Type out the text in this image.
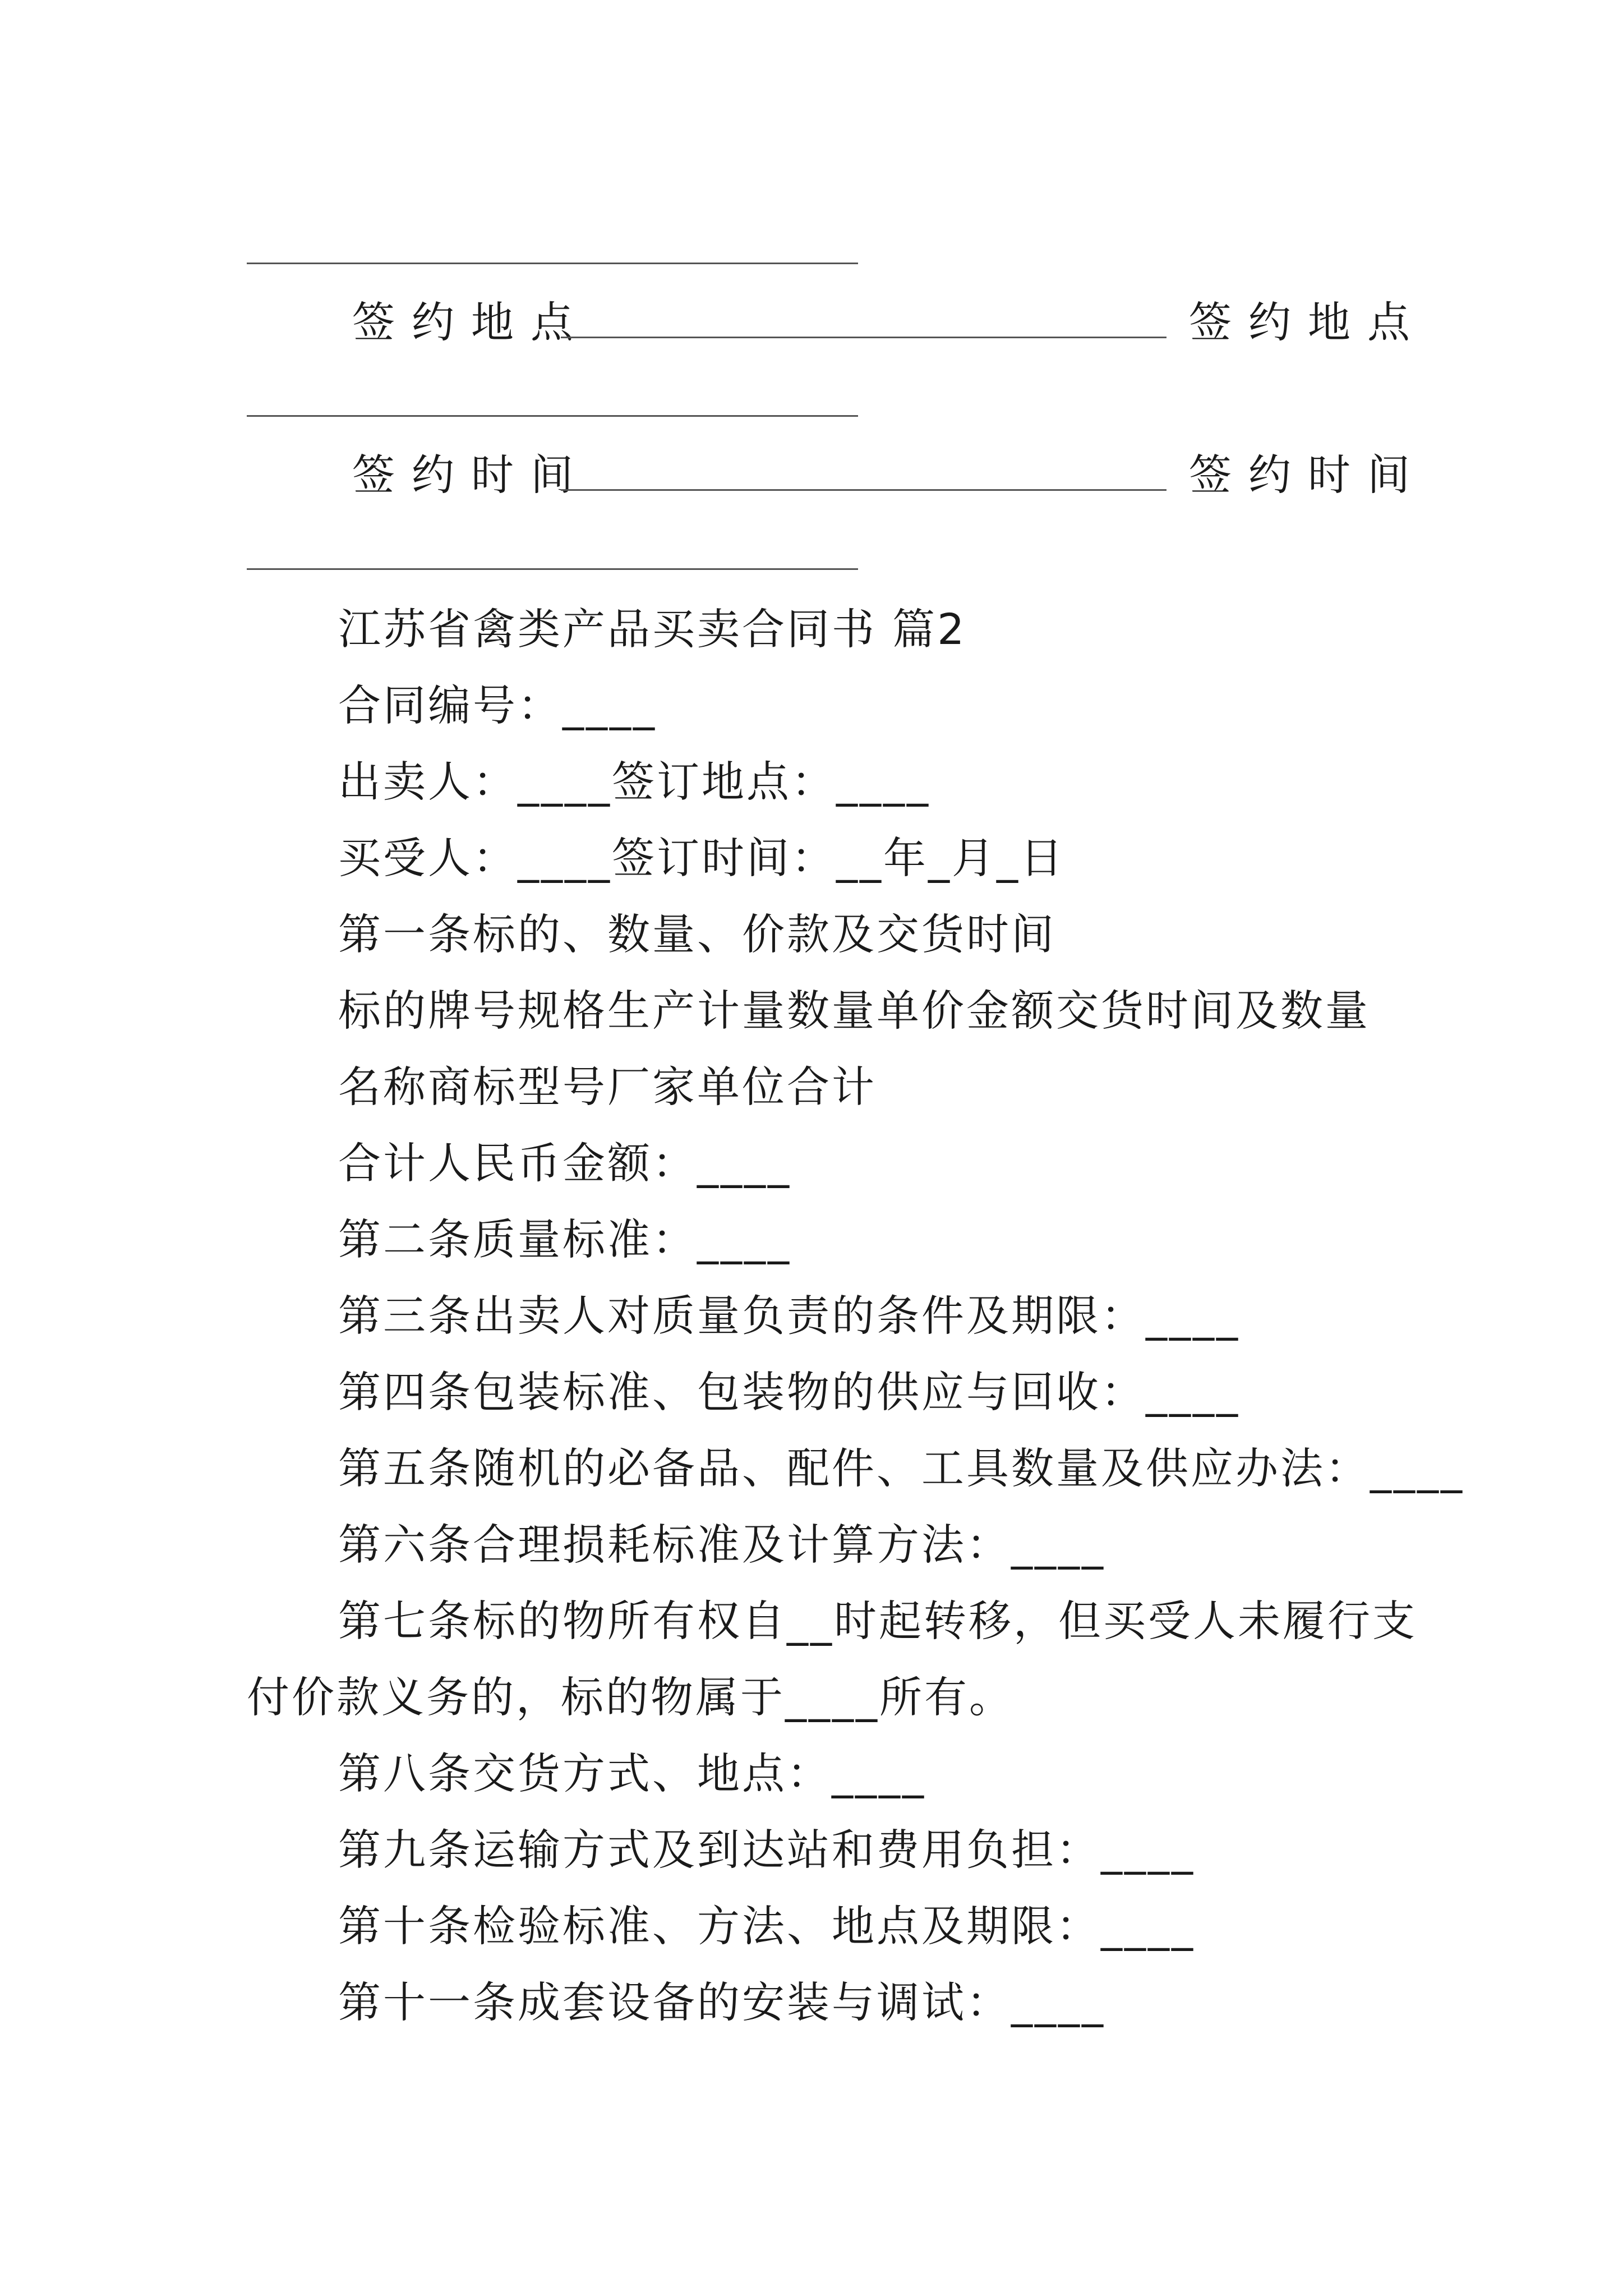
签约地点	签约地点
签约时间	签约时间
江苏省禽类产品买卖合同书 篇2
合同编号：____
出卖人：____签订地点：____
买受人：____签订时间：__年_月_日
第一条标的、数量、价款及交货时间
标的牌号规格生产计量数量单价金额交货时间及数量
名称商标型号厂家单位合计
合计人民币金额：____
第二条质量标准：____
第三条出卖人对质量负责的条件及期限：____
第四条包装标准、包装物的供应与回收：____
第五条随机的必备品、配件、工具数量及供应办法：____
第六条合理损耗标准及计算方法：____
第七条标的物所有权自__时起转移，但买受人未履行支
付价款义务的，标的物属于____所有。
第八条交货方式、地点：____
第九条运输方式及到达站和费用负担：____
第十条检验标准、方法、地点及期限：____
第十一条成套设备的安装与调试：____
